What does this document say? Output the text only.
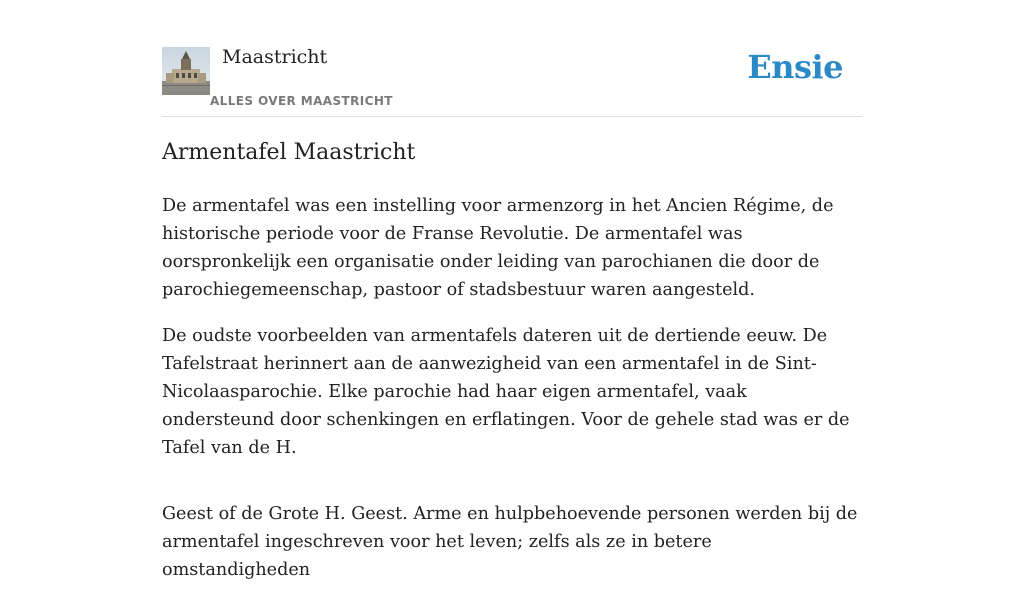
Maastricht
ALLES OVER MAASTRICHT
Ensie
Armentafel Maastricht

De armentafel was een instelling voor armenzorg in het Ancien Régime, de historische periode voor de Franse Revolutie. De armentafel was oorspronkelijk een organisatie onder leiding van parochianen die door de parochiegemeenschap, pastoor of stadsbestuur waren aangesteld.

De oudste voorbeelden van armentafels dateren uit de dertiende eeuw. De Tafelstraat herinnert aan de aanwezigheid van een armentafel in de Sint-Nicolaasparochie. Elke parochie had haar eigen armentafel, vaak ondersteund door schenkingen en erflatingen. Voor de gehele stad was er de Tafel van de H.

Geest of de Grote H. Geest. Arme en hulpbehoevende personen werden bij de armentafel ingeschreven voor het leven; zelfs als ze in betere omstandigheden
